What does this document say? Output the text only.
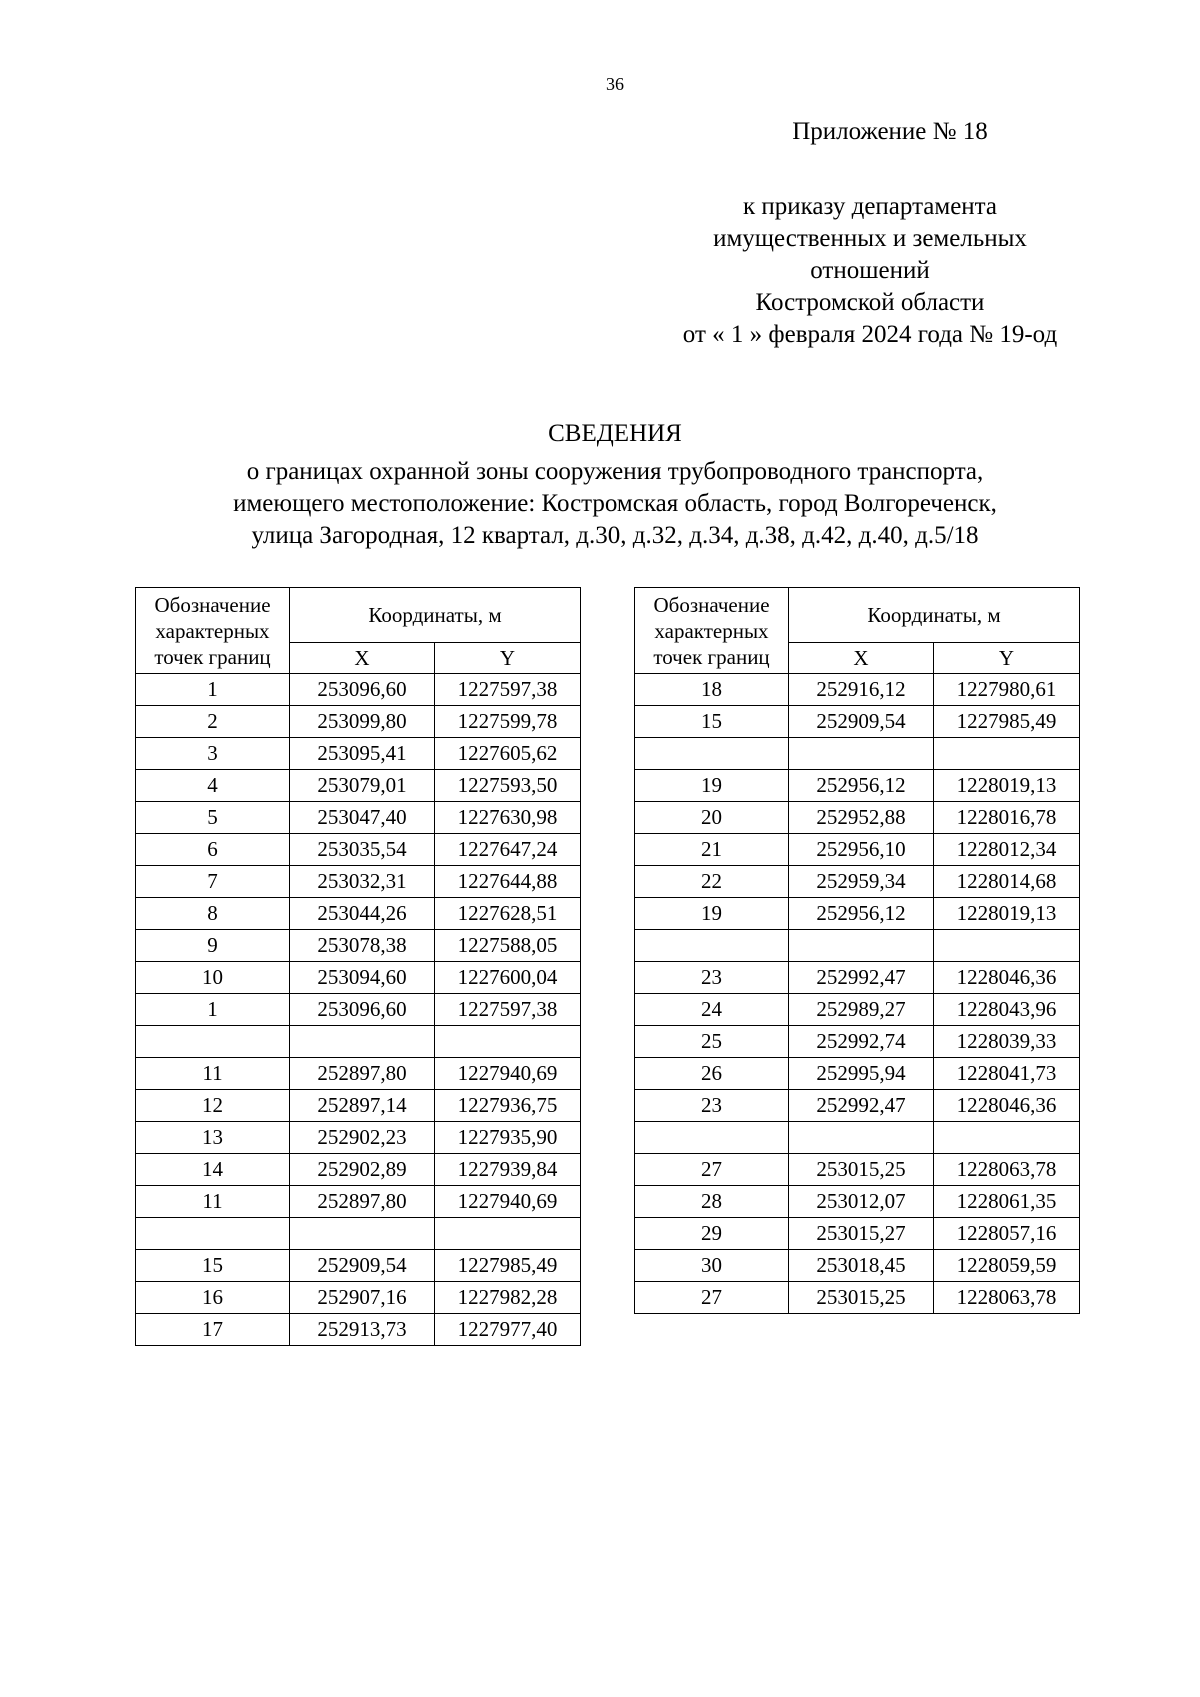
36
Приложение № 18
к приказу департамента
имущественных и земельных
отношений
Костромской области
от « 1 » февраля 2024 года № 19-од
СВЕДЕНИЯ
о границах охранной зоны сооружения трубопроводного транспорта,
имеющего местоположение: Костромская область, город Волгореченск,
улица Загородная, 12 квартал, д.30, д.32, д.34, д.38, д.42, д.40, д.5/18
Обозначение характерных точек границ	Координаты, м	
	X	Y
1	253096,60	1227597,38
2	253099,80	1227599,78
3	253095,41	1227605,62
4	253079,01	1227593,50
5	253047,40	1227630,98
6	253035,54	1227647,24
7	253032,31	1227644,88
8	253044,26	1227628,51
9	253078,38	1227588,05
10	253094,60	1227600,04
1	253096,60	1227597,38

11	252897,80	1227940,69
12	252897,14	1227936,75
13	252902,23	1227935,90
14	252902,89	1227939,84
11	252897,80	1227940,69

15	252909,54	1227985,49
16	252907,16	1227982,28
17	252913,73	1227977,40
Обозначение характерных точек границ	Координаты, м	
	X	Y
18	252916,12	1227980,61
15	252909,54	1227985,49

19	252956,12	1228019,13
20	252952,88	1228016,78
21	252956,10	1228012,34
22	252959,34	1228014,68
19	252956,12	1228019,13

23	252992,47	1228046,36
24	252989,27	1228043,96
25	252992,74	1228039,33
26	252995,94	1228041,73
23	252992,47	1228046,36

27	253015,25	1228063,78
28	253012,07	1228061,35
29	253015,27	1228057,16
30	253018,45	1228059,59
27	253015,25	1228063,78
